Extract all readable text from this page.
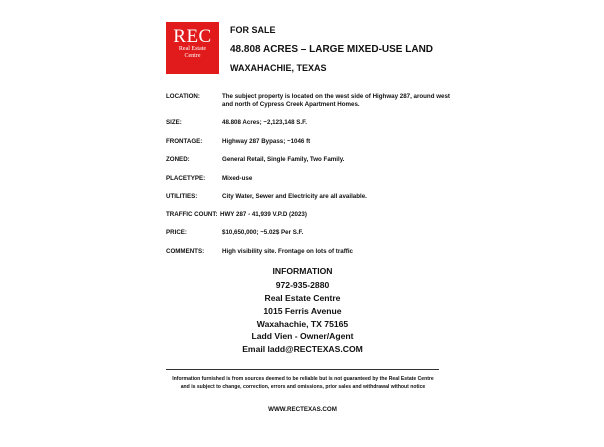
REC
Real Estate
Centre
FOR SALE
48.808 ACRES – LARGE MIXED-USE LAND
WAXAHACHIE, TEXAS
LOCATION:	The subject property is located on the west side of Highway 287, around west and north of Cypress Creek Apartment Homes.
SIZE:	48.808 Acres; ~2,123,148 S.F.
FRONTAGE:	Highway 287 Bypass; ~1046 ft
ZONED:	General Retail, Single Family, Two Family.
PLACETYPE:	Mixed-use
UTILITIES:	City Water, Sewer and Electricity are all available.
TRAFFIC COUNT: HWY 287 - 41,939 V.P.D (2023)
PRICE:	$10,650,000; ~5.02$ Per S.F.
COMMENTS:	High visibility site. Frontage on lots of traffic
INFORMATION
972-935-2880
Real Estate Centre
1015 Ferris Avenue
Waxahachie, TX 75165
Ladd Vien - Owner/Agent
Email ladd@RECTEXAS.COM
Information furnished is from sources deemed to be reliable but is not guaranteed by the Real Estate Centre and is subject to change, correction, errors and omissions, prior sales and withdrawal without notice
WWW.RECTEXAS.COM
